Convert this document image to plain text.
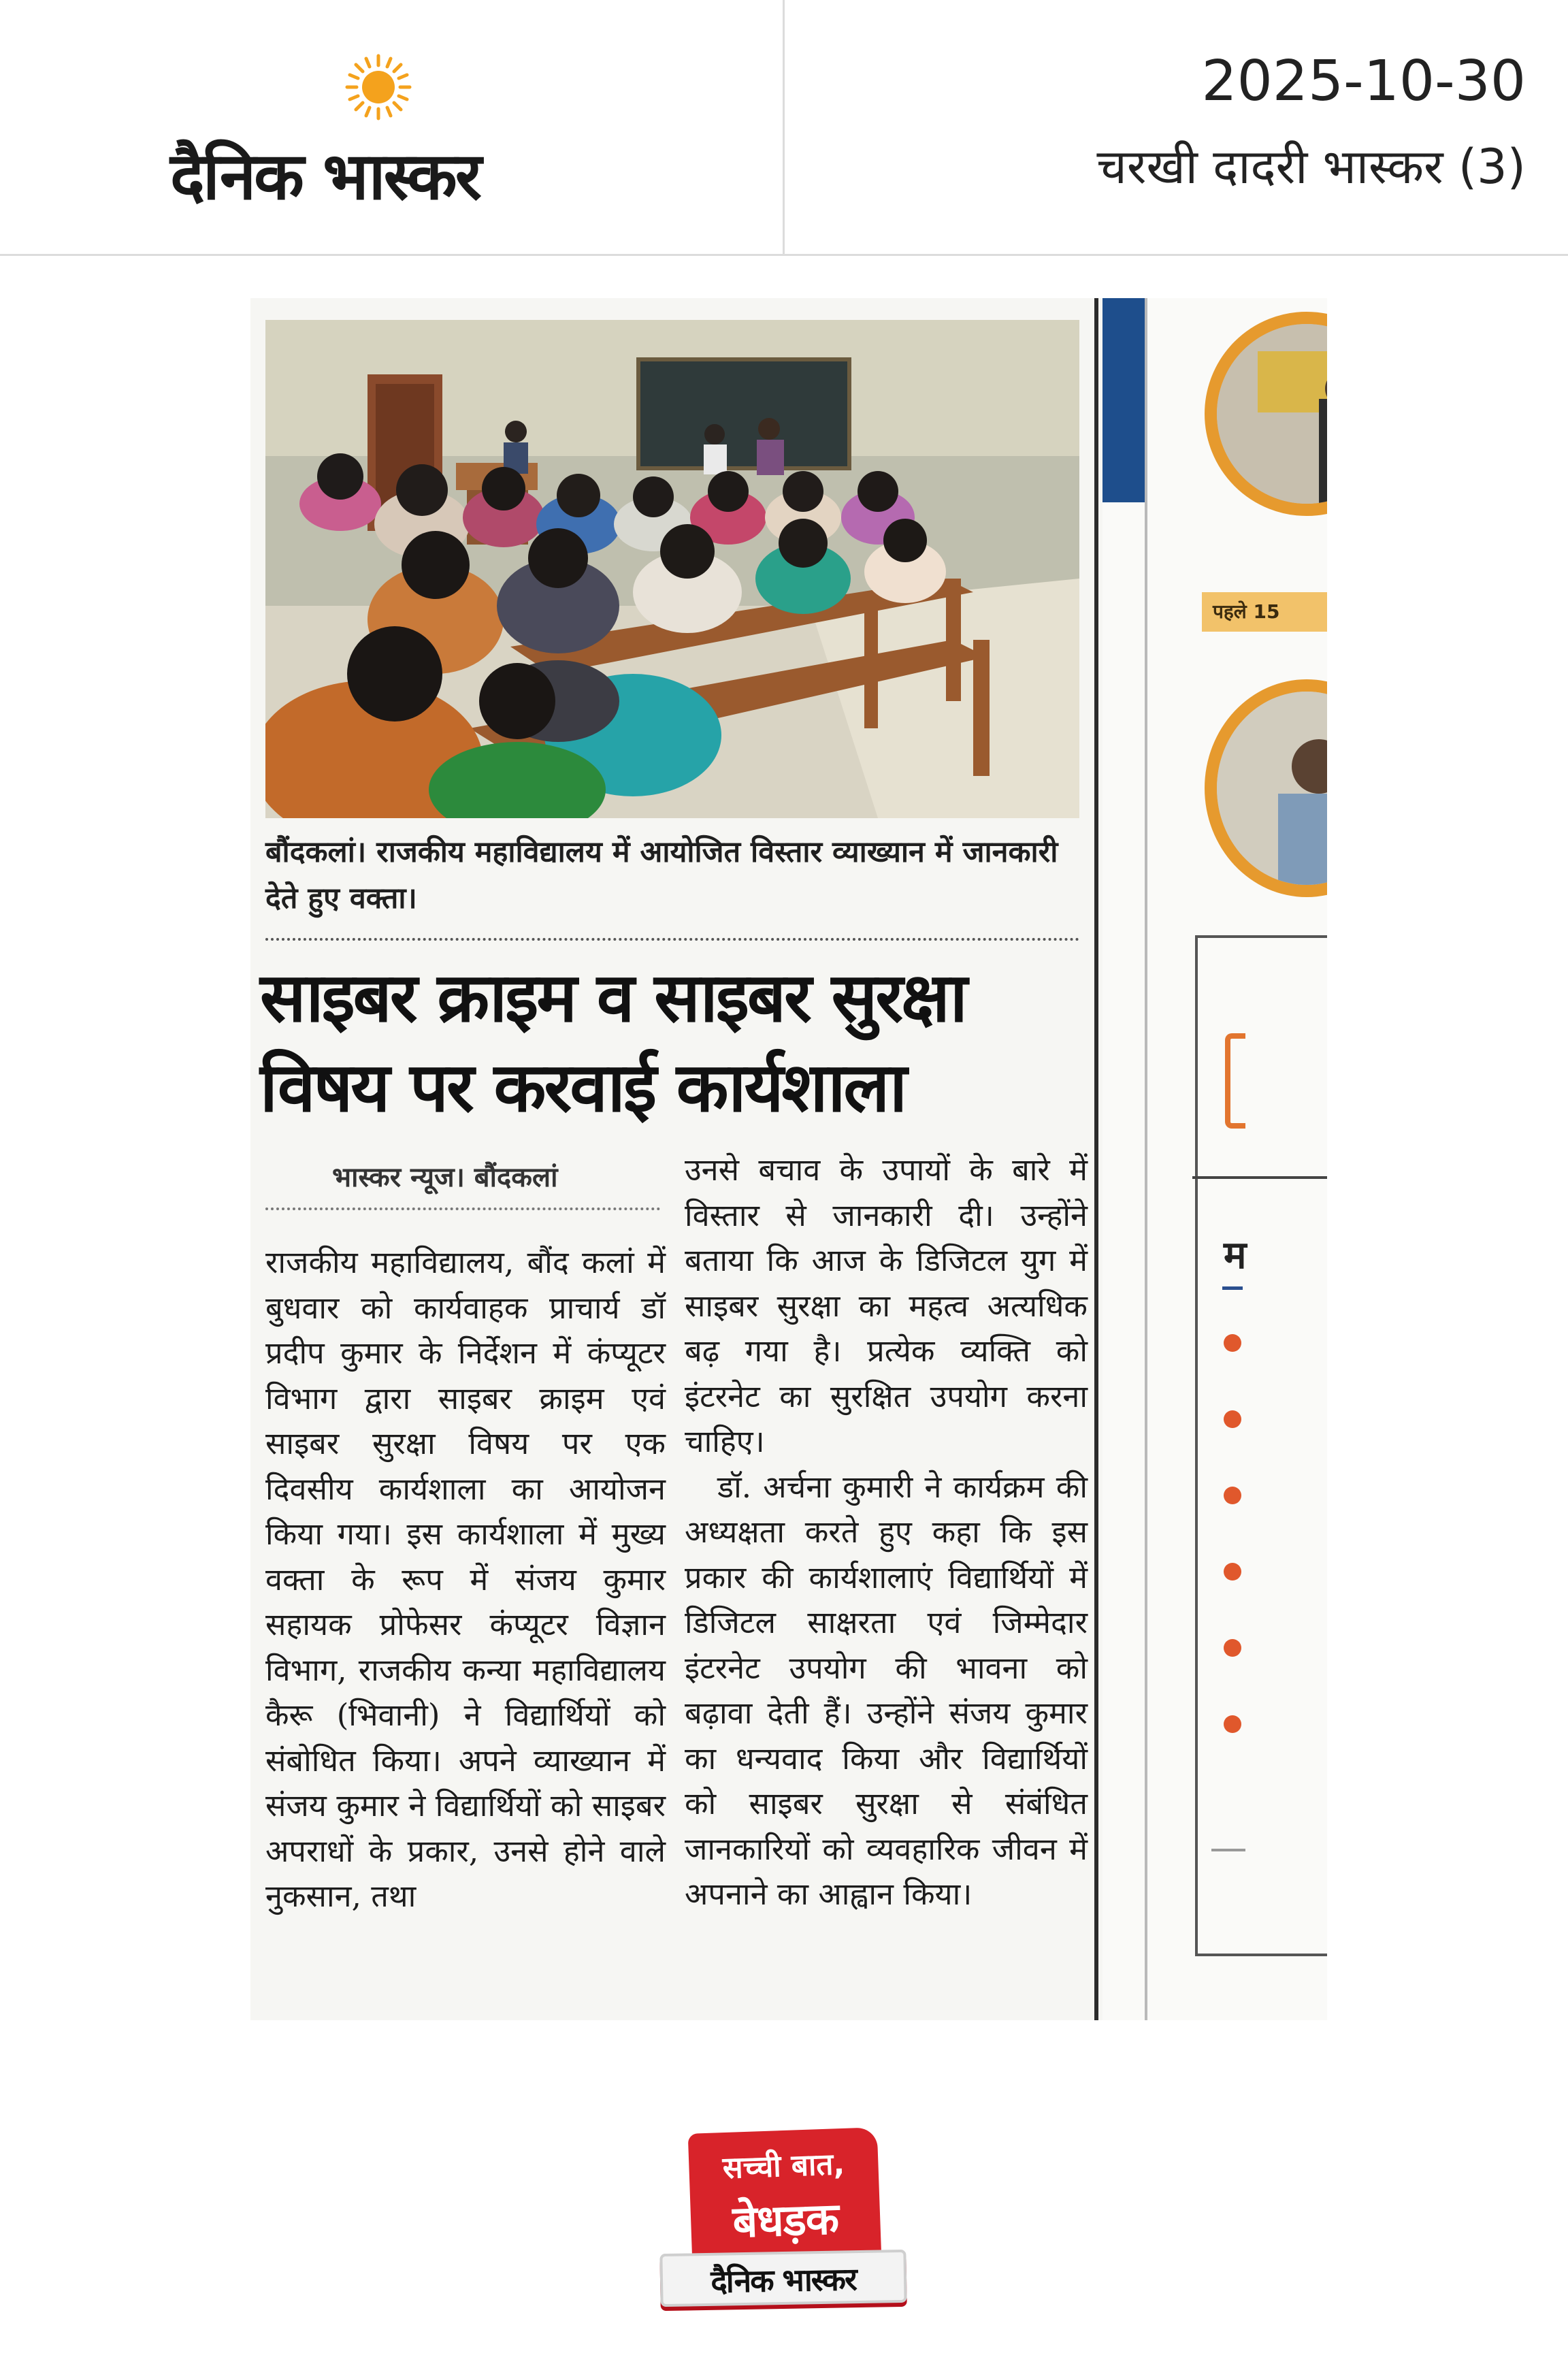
दैनिक भास्कर
2025-10-30
चरखी दादरी भास्कर (3)
बौंदकलां। राजकीय महाविद्यालय में आयोजित विस्तार व्याख्यान में जानकारी देते हुए वक्ता।
साइबर क्राइम व साइबर सुरक्षा
विषय पर करवाई कार्यशाला
भास्कर न्यूज। बौंदकलां

राजकीय महाविद्यालय, बौंद कलां में बुधवार को कार्यवाहक प्राचार्य डॉ प्रदीप कुमार के निर्देशन में कंप्यूटर विभाग द्वारा साइबर क्राइम एवं साइबर सुरक्षा विषय पर एक दिवसीय कार्यशाला का आयोजन किया गया। इस कार्यशाला में मुख्य वक्ता के रूप में संजय कुमार सहायक प्रोफेसर कंप्यूटर विज्ञान विभाग, राजकीय कन्या महाविद्यालय कैरू (भिवानी) ने विद्यार्थियों को संबोधित किया। अपने व्याख्यान में संजय कुमार ने विद्यार्थियों को साइबर अपराधों के प्रकार, उनसे होने वाले नुकसान, तथा

उनसे बचाव के उपायों के बारे में विस्तार से जानकारी दी। उन्होंने बताया कि आज के डिजिटल युग में साइबर सुरक्षा का महत्व अत्यधिक बढ़ गया है। प्रत्येक व्यक्ति को इंटरनेट का सुरक्षित उपयोग करना चाहिए।

डॉ. अर्चना कुमारी ने कार्यक्रम की अध्यक्षता करते हुए कहा कि इस प्रकार की कार्यशालाएं विद्यार्थियों में डिजिटल साक्षरता एवं जिम्मेदार इंटरनेट उपयोग की भावना को बढ़ावा देती हैं। उन्होंने संजय कुमार का धन्यवाद किया और विद्यार्थियों को साइबर सुरक्षा से संबंधित जानकारियों को व्यवहारिक जीवन में अपनाने का आह्वान किया।

पहले 15
म
सच्ची बात,
बेधड़क
दैनिक भास्कर
